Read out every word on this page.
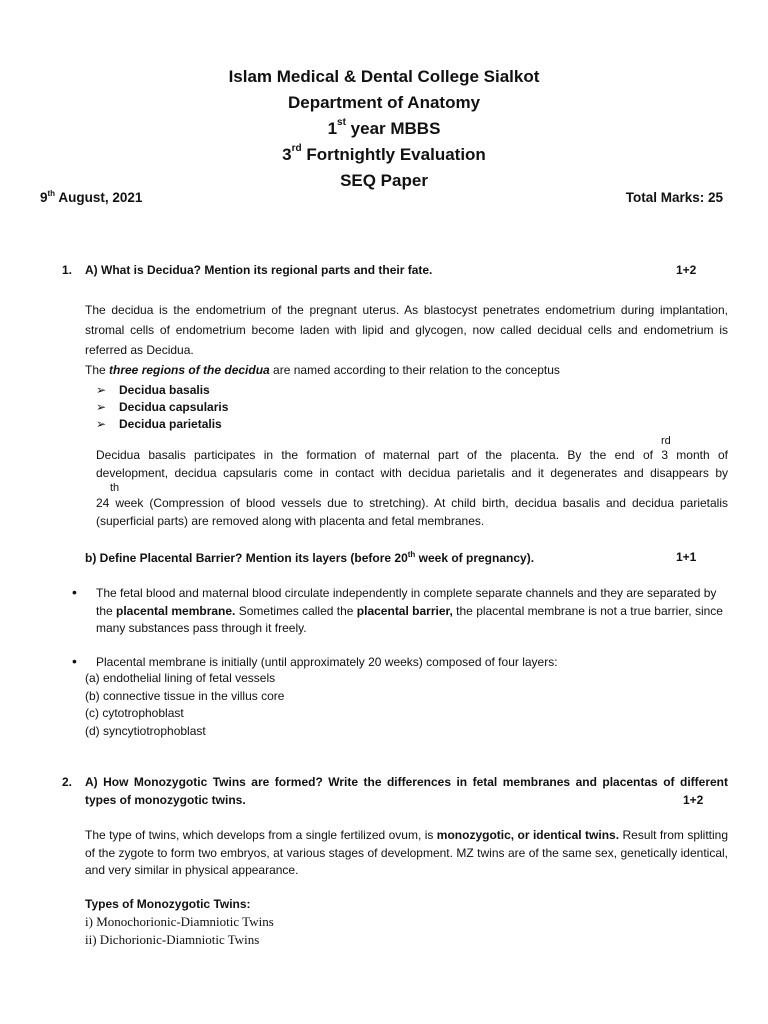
Islam Medical & Dental College Sialkot
Department of Anatomy
1st year MBBS
3rd Fortnightly Evaluation
SEQ Paper
9th August, 2021	Total Marks: 25
1. A) What is Decidua? Mention its regional parts and their fate.	1+2
The decidua is the endometrium of the pregnant uterus. As blastocyst penetrates endometrium during implantation, stromal cells of endometrium become laden with lipid and glycogen, now called decidual cells and endometrium is referred as Decidua.
The three regions of the decidua are named according to their relation to the conceptus
➢ Decidua basalis
➢ Decidua capsularis
➢ Decidua parietalis
rd
Decidua basalis participates in the formation of maternal part of the placenta. By the end of 3 month of
development, decidua capsularis come in contact with decidua parietalis and it degenerates and disappears by
th
24 week (Compression of blood vessels due to stretching). At child birth, decidua basalis and decidua parietalis
(superficial parts) are removed along with placenta and fetal membranes.
b) Define Placental Barrier? Mention its layers (before 20th week of pregnancy).	1+1
• The fetal blood and maternal blood circulate independently in complete separate channels and they are separated by the placental membrane. Sometimes called the placental barrier, the placental membrane is not a true barrier, since many substances pass through it freely.
• Placental membrane is initially (until approximately 20 weeks) composed of four layers:
(a) endothelial lining of fetal vessels
(b) connective tissue in the villus core
(c) cytotrophoblast
(d) syncytiotrophoblast
2. A) How Monozygotic Twins are formed? Write the differences in fetal membranes and placentas of different
types of monozygotic twins.	1+2
The type of twins, which develops from a single fertilized ovum, is monozygotic, or identical twins. Result from splitting of the zygote to form two embryos, at various stages of development. MZ twins are of the same sex, genetically identical, and very similar in physical appearance.
Types of Monozygotic Twins:
i) Monochorionic-Diamniotic Twins
ii) Dichorionic-Diamniotic Twins
